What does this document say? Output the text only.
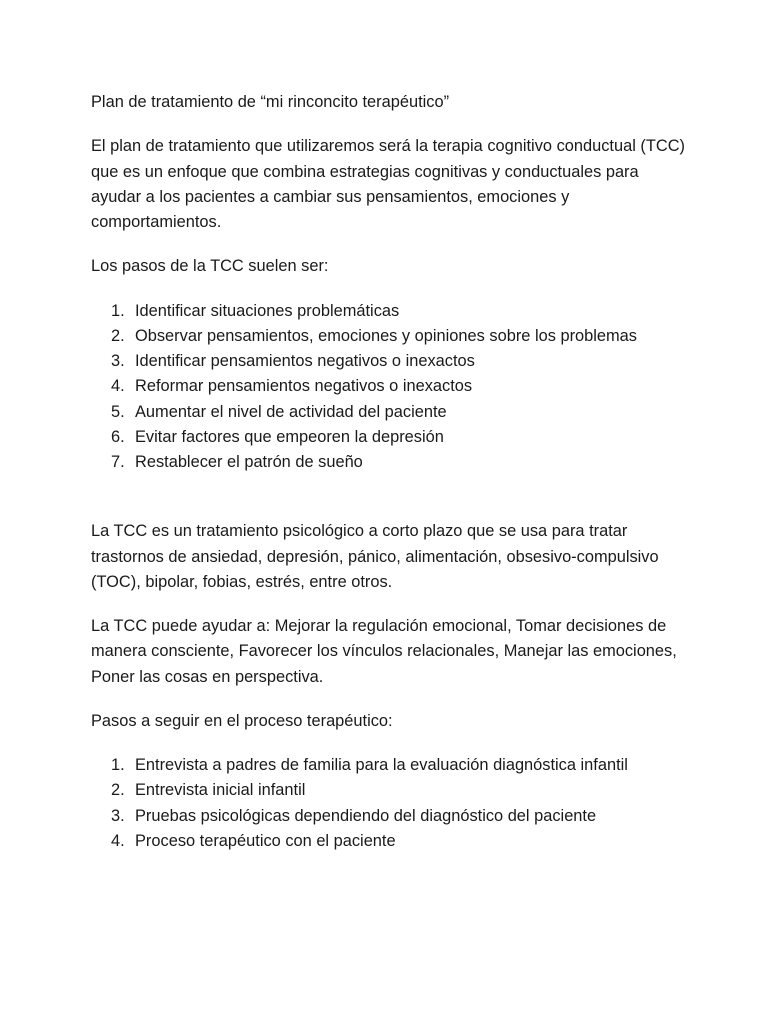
Plan de tratamiento de “mi rinconcito terapéutico”

El plan de tratamiento que utilizaremos será la terapia cognitivo conductual (TCC) que es un enfoque que combina estrategias cognitivas y conductuales para ayudar a los pacientes a cambiar sus pensamientos, emociones y comportamientos.

Los pasos de la TCC suelen ser:

1. Identificar situaciones problemáticas
2. Observar pensamientos, emociones y opiniones sobre los problemas
3. Identificar pensamientos negativos o inexactos
4. Reformar pensamientos negativos o inexactos
5. Aumentar el nivel de actividad del paciente
6. Evitar factores que empeoren la depresión
7. Restablecer el patrón de sueño

La TCC es un tratamiento psicológico a corto plazo que se usa para tratar trastornos de ansiedad, depresión, pánico, alimentación, obsesivo-compulsivo (TOC), bipolar, fobias, estrés, entre otros.

La TCC puede ayudar a: Mejorar la regulación emocional, Tomar decisiones de manera consciente, Favorecer los vínculos relacionales, Manejar las emociones, Poner las cosas en perspectiva.

Pasos a seguir en el proceso terapéutico:

1. Entrevista a padres de familia para la evaluación diagnóstica infantil
2. Entrevista inicial infantil
3. Pruebas psicológicas dependiendo del diagnóstico del paciente
4. Proceso terapéutico con el paciente
